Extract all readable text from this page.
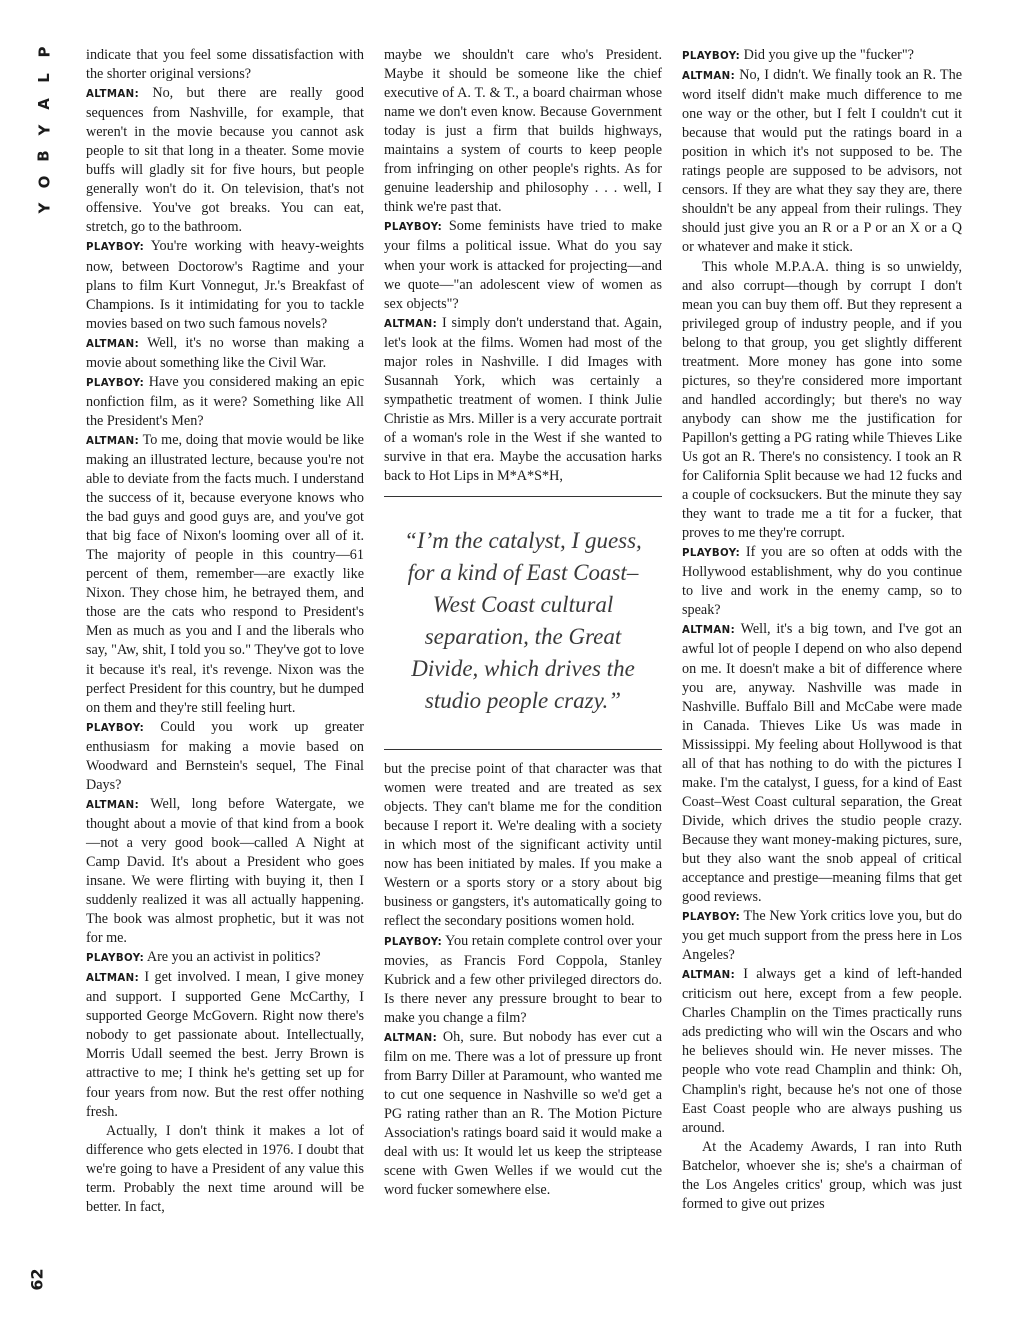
P
L
A
Y
B
O
Y
62

indicate that you feel some dissatisfaction with the shorter original versions?

ALTMAN: No, but there are really good sequences from Nashville, for example, that weren't in the movie because you cannot ask people to sit that long in a theater. Some movie buffs will gladly sit for five hours, but people generally won't do it. On television, that's not offensive. You've got breaks. You can eat, stretch, go to the bathroom.

PLAYBOY: You're working with heavy-weights now, between Doctorow's Ragtime and your plans to film Kurt Vonnegut, Jr.'s Breakfast of Champions. Is it intimidating for you to tackle movies based on two such famous novels?

ALTMAN: Well, it's no worse than making a movie about something like the Civil War.

PLAYBOY: Have you considered making an epic nonfiction film, as it were? Something like All the President's Men?

ALTMAN: To me, doing that movie would be like making an illustrated lecture, because you're not able to deviate from the facts much. I understand the success of it, because everyone knows who the bad guys and good guys are, and you've got that big face of Nixon's looming over all of it. The majority of people in this country—61 percent of them, remember—are exactly like Nixon. They chose him, he betrayed them, and those are the cats who respond to President's Men as much as you and I and the liberals who say, "Aw, shit, I told you so." They've got to love it because it's real, it's revenge. Nixon was the perfect President for this country, but he dumped on them and they're still feeling hurt.

PLAYBOY: Could you work up greater enthusiasm for making a movie based on Woodward and Bernstein's sequel, The Final Days?

ALTMAN: Well, long before Watergate, we thought about a movie of that kind from a book—not a very good book—called A Night at Camp David. It's about a President who goes insane. We were flirting with buying it, then I suddenly realized it was all actually happening. The book was almost prophetic, but it was not for me.

PLAYBOY: Are you an activist in politics?

ALTMAN: I get involved. I mean, I give money and support. I supported Gene McCarthy, I supported George McGovern. Right now there's nobody to get passionate about. Intellectually, Morris Udall seemed the best. Jerry Brown is attractive to me; I think he's getting set up for four years from now. But the rest offer nothing fresh.

Actually, I don't think it makes a lot of difference who gets elected in 1976. I doubt that we're going to have a President of any value this term. Probably the next time around will be better. In fact,

maybe we shouldn't care who's President. Maybe it should be someone like the chief executive of A. T. & T., a board chairman whose name we don't even know. Because Government today is just a firm that builds highways, maintains a system of courts to keep people from infringing on other people's rights. As for genuine leadership and philosophy . . . well, I think we're past that.

PLAYBOY: Some feminists have tried to make your films a political issue. What do you say when your work is attacked for projecting—and we quote—"an adolescent view of women as sex objects"?

ALTMAN: I simply don't understand that. Again, let's look at the films. Women had most of the major roles in Nashville. I did Images with Susannah York, which was certainly a sympathetic treatment of women. I think Julie Christie as Mrs. Miller is a very accurate portrait of a woman's role in the West if she wanted to survive in that era. Maybe the accusation harks back to Hot Lips in M*A*S*H,

“I’m the catalyst, I guess, for a kind of East Coast–West Coast cultural separation, the Great Divide, which drives the studio people crazy.”

but the precise point of that character was that women were treated and are treated as sex objects. They can't blame me for the condition because I report it. We're dealing with a society in which most of the significant activity until now has been initiated by males. If you make a Western or a sports story or a story about big business or gangsters, it's automatically going to reflect the secondary positions women hold.

PLAYBOY: You retain complete control over your movies, as Francis Ford Coppola, Stanley Kubrick and a few other privileged directors do. Is there never any pressure brought to bear to make you change a film?

ALTMAN: Oh, sure. But nobody has ever cut a film on me. There was a lot of pressure up front from Barry Diller at Paramount, who wanted me to cut one sequence in Nashville so we'd get a PG rating rather than an R. The Motion Picture Association's ratings board said it would make a deal with us: It would let us keep the striptease scene with Gwen Welles if we would cut the word fucker somewhere else.

PLAYBOY: Did you give up the "fucker"?

ALTMAN: No, I didn't. We finally took an R. The word itself didn't make much difference to me one way or the other, but I felt I couldn't cut it because that would put the ratings board in a position in which it's not supposed to be. The ratings people are supposed to be advisors, not censors. If they are what they say they are, there shouldn't be any appeal from their rulings. They should just give you an R or a P or an X or a Q or whatever and make it stick.

This whole M.P.A.A. thing is so unwieldy, and also corrupt—though by corrupt I don't mean you can buy them off. But they represent a privileged group of industry people, and if you belong to that group, you get slightly different treatment. More money has gone into some pictures, so they're considered more important and handled accordingly; but there's no way anybody can show me the justification for Papillon's getting a PG rating while Thieves Like Us got an R. There's no consistency. I took an R for California Split because we had 12 fucks and a couple of cocksuckers. But the minute they say they want to trade me a tit for a fucker, that proves to me they're corrupt.

PLAYBOY: If you are so often at odds with the Hollywood establishment, why do you continue to live and work in the enemy camp, so to speak?

ALTMAN: Well, it's a big town, and I've got an awful lot of people I depend on who also depend on me. It doesn't make a bit of difference where you are, anyway. Nashville was made in Nashville. Buffalo Bill and McCabe were made in Canada. Thieves Like Us was made in Mississippi. My feeling about Hollywood is that all of that has nothing to do with the pictures I make. I'm the catalyst, I guess, for a kind of East Coast–West Coast cultural separation, the Great Divide, which drives the studio people crazy. Because they want money-making pictures, sure, but they also want the snob appeal of critical acceptance and prestige—meaning films that get good reviews.

PLAYBOY: The New York critics love you, but do you get much support from the press here in Los Angeles?

ALTMAN: I always get a kind of left-handed criticism out here, except from a few people. Charles Champlin on the Times practically runs ads predicting who will win the Oscars and who he believes should win. He never misses. The people who vote read Champlin and think: Oh, Champlin's right, because he's not one of those East Coast people who are always pushing us around.

At the Academy Awards, I ran into Ruth Batchelor, whoever she is; she's a chairman of the Los Angeles critics' group, which was just formed to give out prizes
